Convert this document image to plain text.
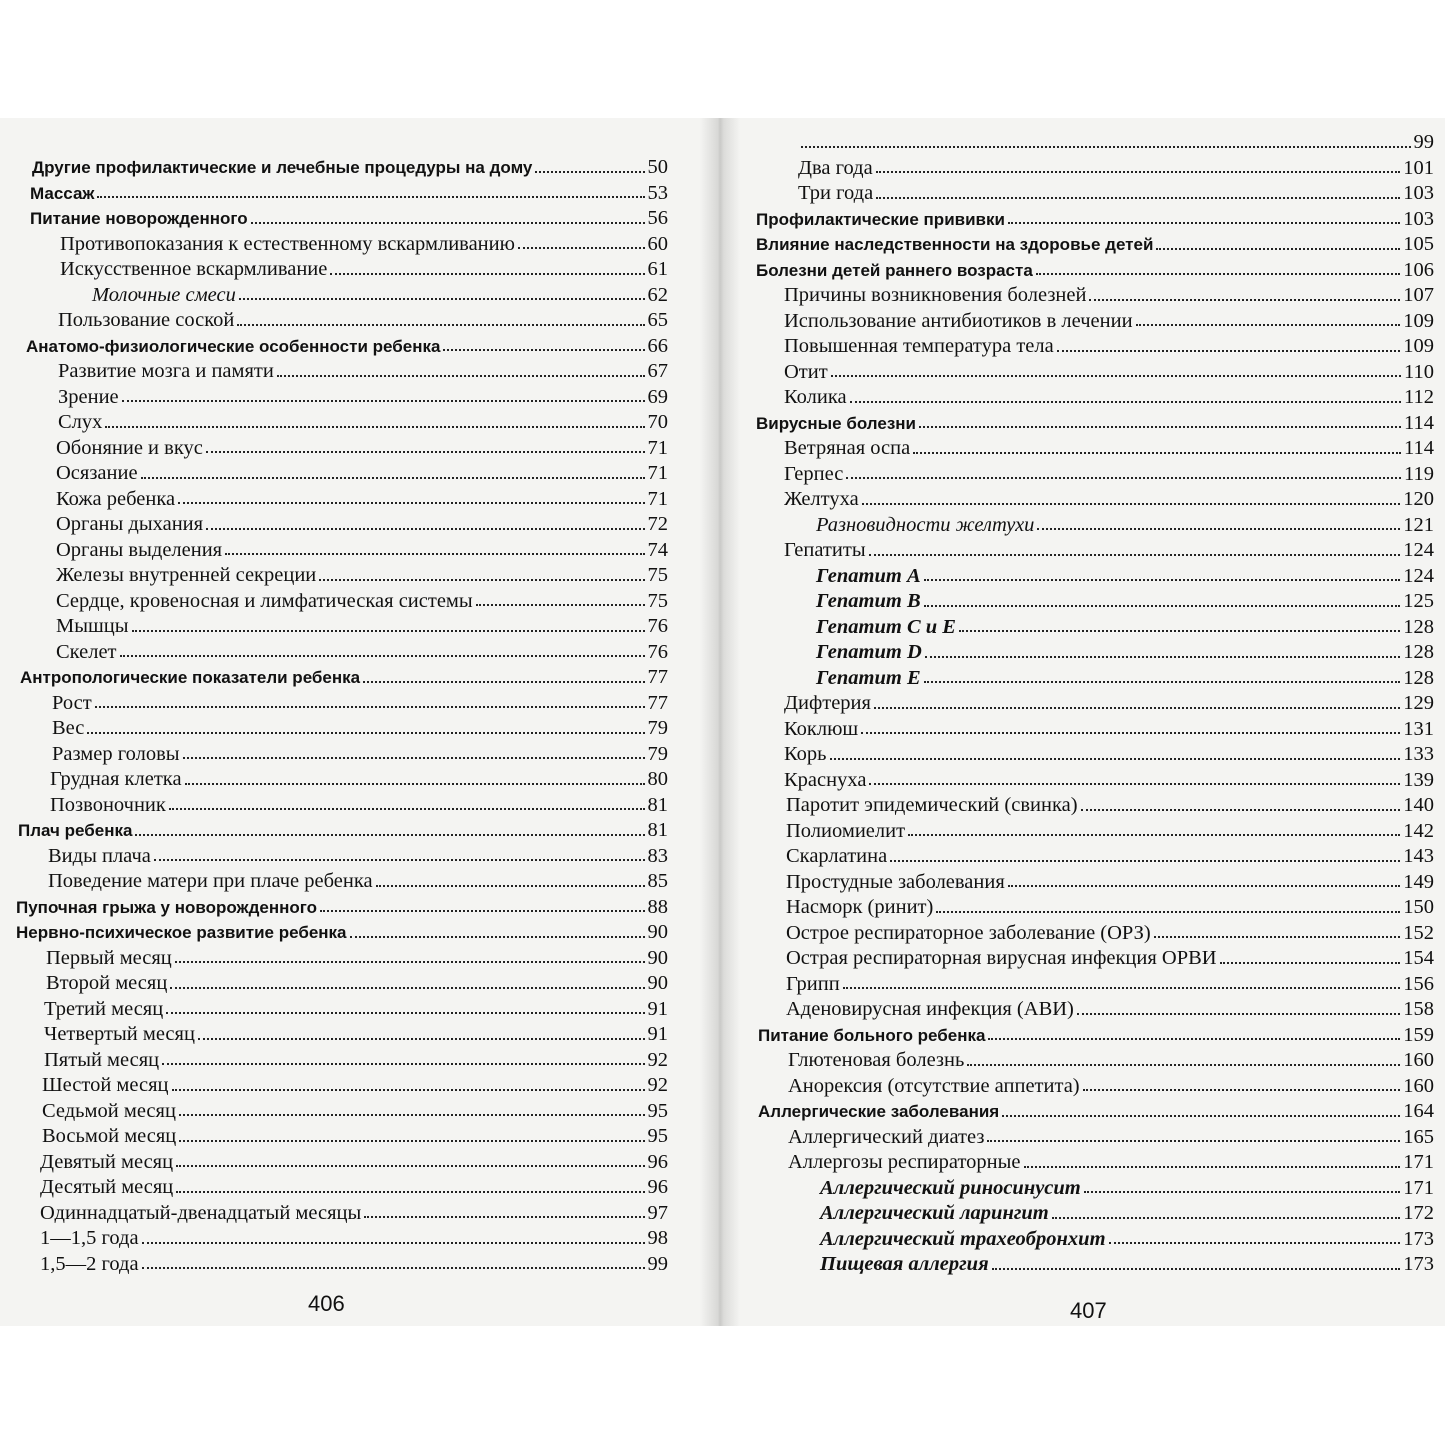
Другие профилактические и лечебные процедуры на дому	50
Массаж	53
Питание новорожденного	56
Противопоказания к естественному вскармливанию	60
Искусственное вскармливание	61
Молочные смеси	62
Пользование соской	65
Анатомо-физиологические особенности ребенка	66
Развитие мозга и памяти	67
Зрение	69
Слух	70
Обоняние и вкус	71
Осязание	71
Кожа ребенка	71
Органы дыхания	72
Органы выделения	74
Железы внутренней секреции	75
Сердце, кровеносная и лимфатическая системы	75
Мышцы	76
Скелет	76
Антропологические показатели ребенка	77
Рост	77
Вес	79
Размер головы	79
Грудная клетка	80
Позвоночник	81
Плач ребенка	81
Виды плача	83
Поведение матери при плаче ребенка	85
Пупочная грыжа у новорожденного	88
Нервно-психическое развитие ребенка	90
Первый месяц	90
Второй месяц	90
Третий месяц	91
Четвертый месяц	91
Пятый месяц	92
Шестой месяц	92
Седьмой месяц	95
Восьмой месяц	95
Девятый месяц	96
Десятый месяц	96
Одиннадцатый-двенадцатый месяцы	97
1—1,5 года	98
1,5—2 года	99
406
99
Два года	101
Три года	103
Профилактические прививки	103
Влияние наследственности на здоровье детей	105
Болезни детей раннего возраста	106
Причины возникновения болезней	107
Использование антибиотиков в лечении	109
Повышенная температура тела	109
Отит	110
Колика	112
Вирусные болезни	114
Ветряная оспа	114
Герпес	119
Желтуха	120
Разновидности желтухи	121
Гепатиты	124
Гепатит А	124
Гепатит В	125
Гепатит С и Е	128
Гепатит D	128
Гепатит Е	128
Дифтерия	129
Коклюш	131
Корь	133
Краснуха	139
Паротит эпидемический (свинка)	140
Полиомиелит	142
Скарлатина	143
Простудные заболевания	149
Насморк (ринит)	150
Острое респираторное заболевание (ОРЗ)	152
Острая респираторная вирусная инфекция ОРВИ	154
Грипп	156
Аденовирусная инфекция (АВИ)	158
Питание больного ребенка	159
Глютеновая болезнь	160
Анорексия (отсутствие аппетита)	160
Аллергические заболевания	164
Аллергический диатез	165
Аллергозы респираторные	171
Аллергический риносинусит	171
Аллергический ларингит	172
Аллергический трахеобронхит	173
Пищевая аллергия	173
407
